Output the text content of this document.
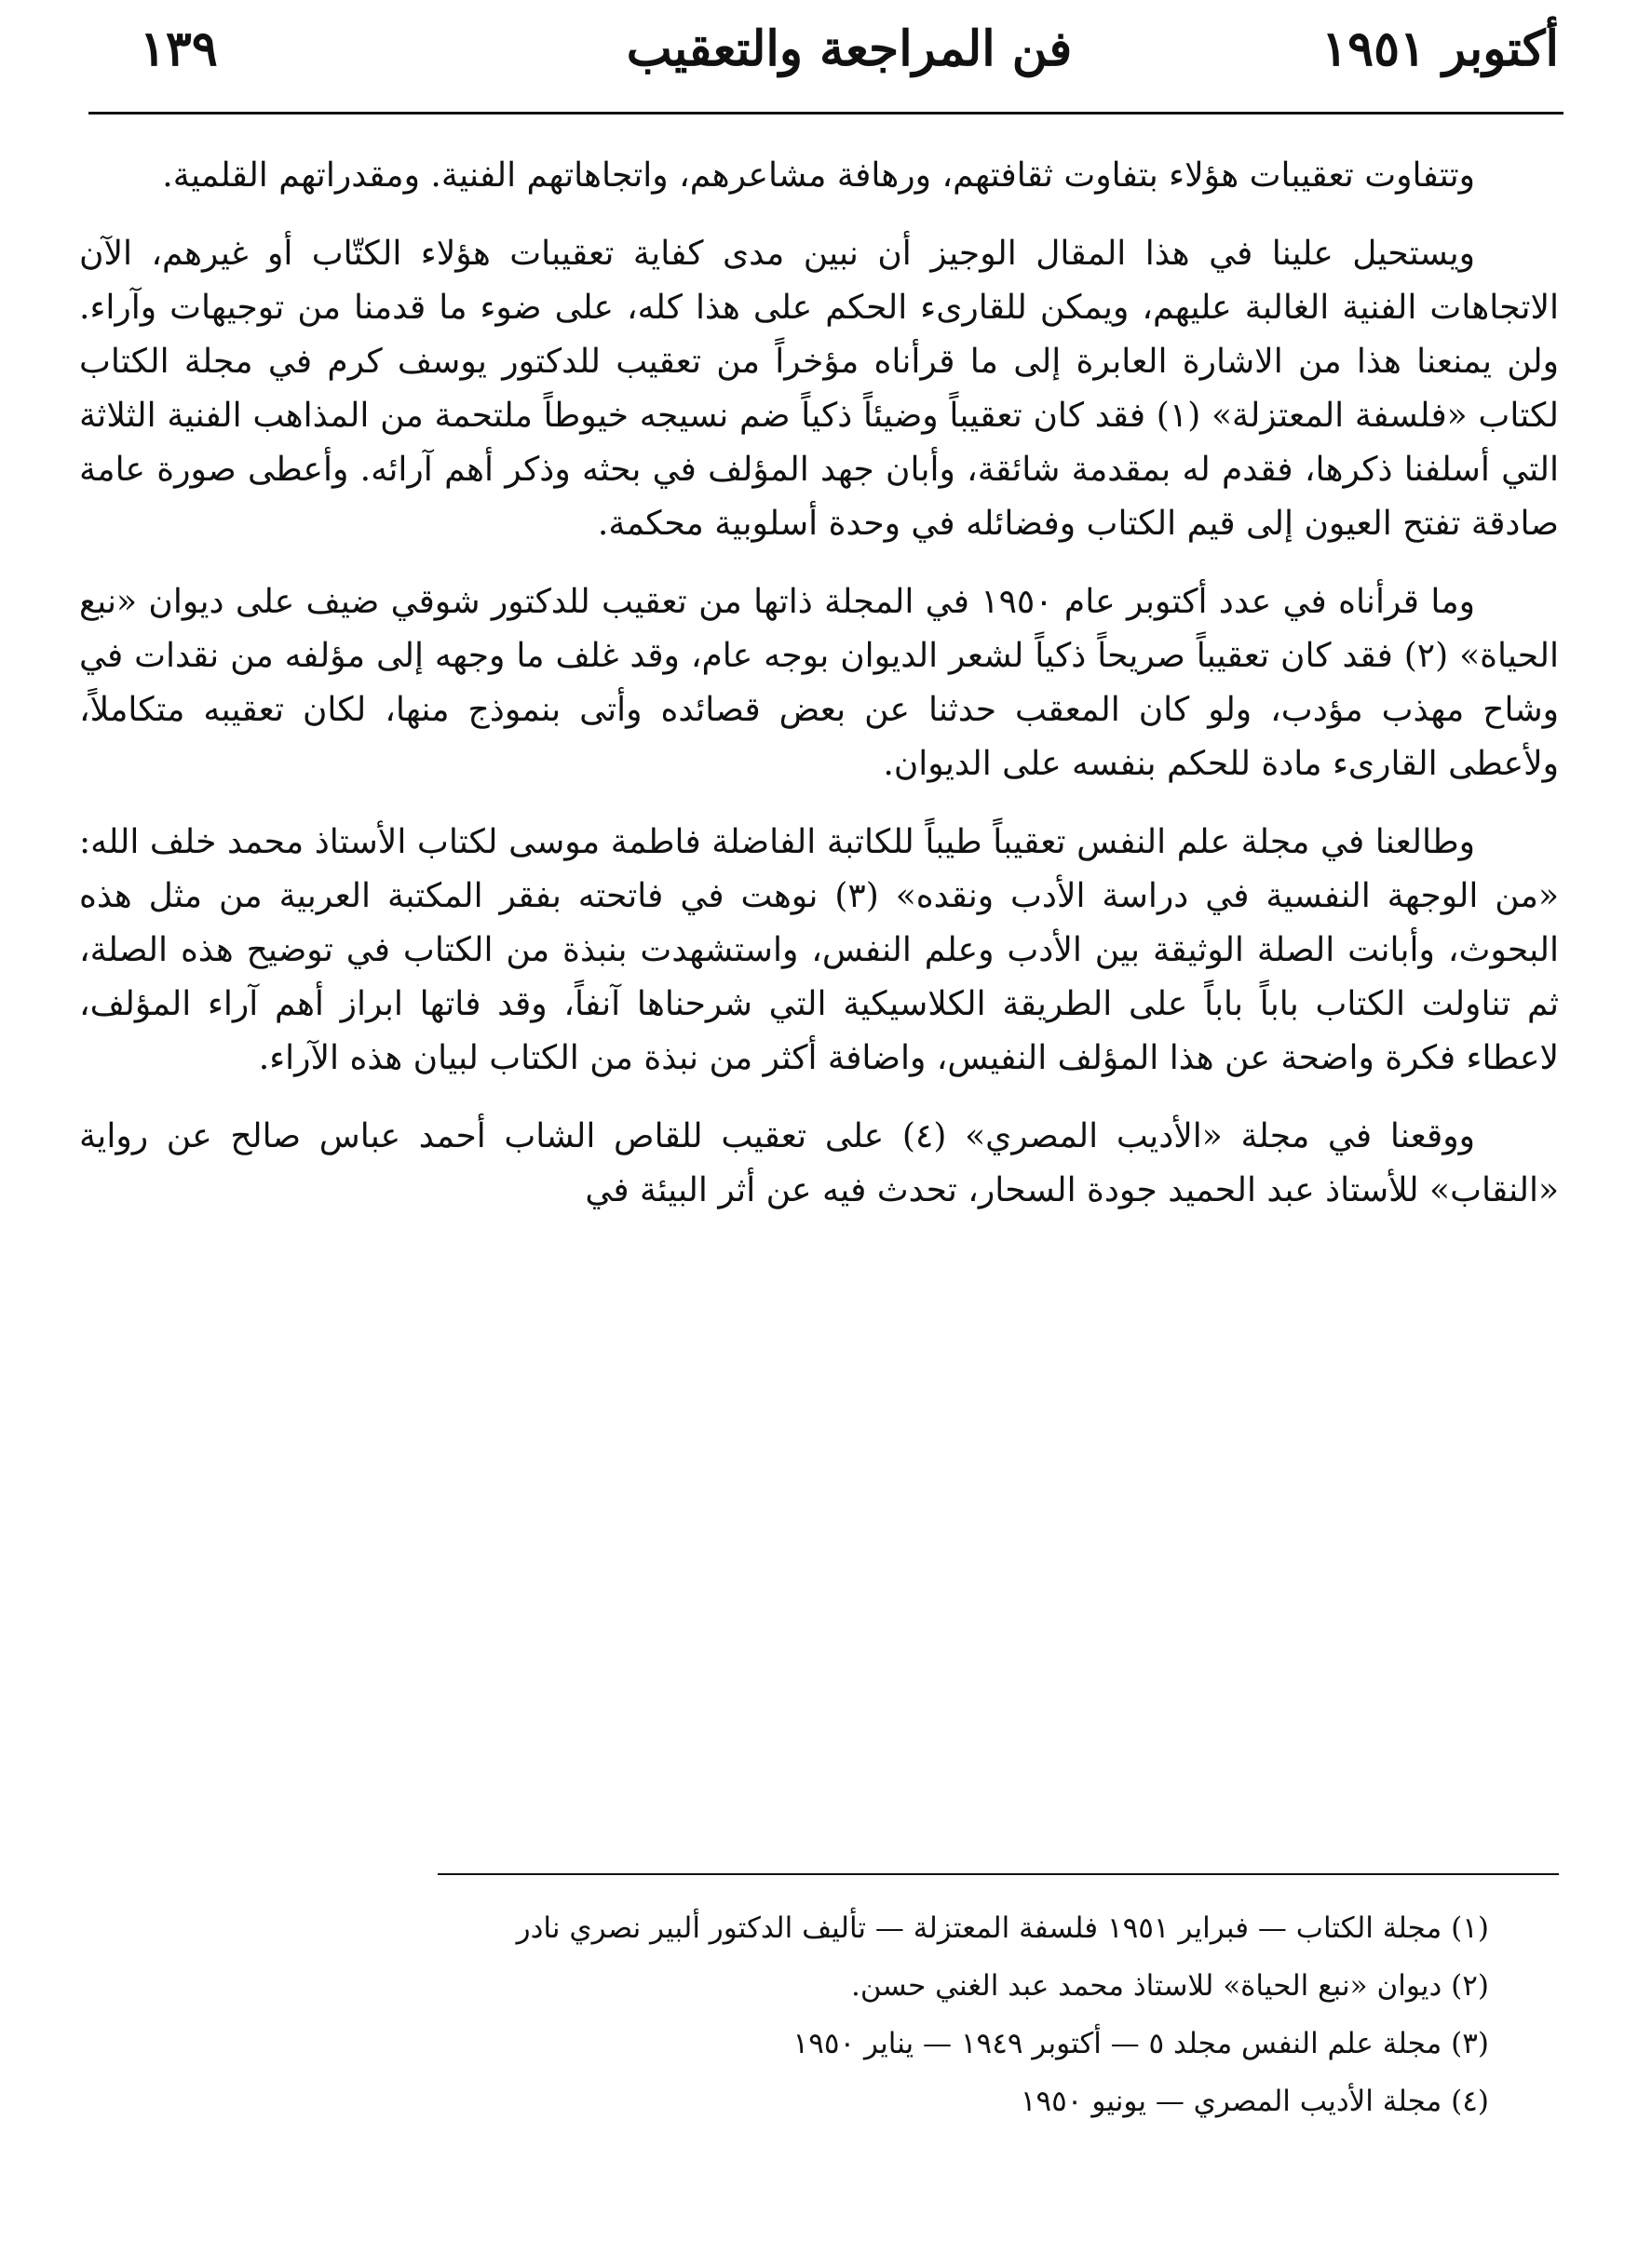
أكتوبر ١٩٥١
فن المراجعة والتعقيب
١٣٩

وتتفاوت تعقيبات هؤلاء بتفاوت ثقافتهم، ورهافة مشاعرهم، واتجاهاتهم الفنية. ومقدراتهم القلمية.

ويستحيل علينا في هذا المقال الوجيز أن نبين مدى كفاية تعقيبات هؤلاء الكتّاب أو غيرهم، الآن الاتجاهات الفنية الغالبة عليهم، ويمكن للقارىء الحكم على هذا كله، على ضوء ما قدمنا من توجيهات وآراء. ولن يمنعنا هذا من الاشارة العابرة إلى ما قرأناه مؤخراً من تعقيب للدكتور يوسف كرم في مجلة الكتاب لكتاب «فلسفة المعتزلة» (١) فقد كان تعقيباً وضيئاً ذكياً ضم نسيجه خيوطاً ملتحمة من المذاهب الفنية الثلاثة التي أسلفنا ذكرها، فقدم له بمقدمة شائقة، وأبان جهد المؤلف في بحثه وذكر أهم آرائه. وأعطى صورة عامة صادقة تفتح العيون إلى قيم الكتاب وفضائله في وحدة أسلوبية محكمة.

وما قرأناه في عدد أكتوبر عام ١٩٥٠ في المجلة ذاتها من تعقيب للدكتور شوقي ضيف على ديوان «نبع الحياة» (٢) فقد كان تعقيباً صريحاً ذكياً لشعر الديوان بوجه عام، وقد غلف ما وجهه إلى مؤلفه من نقدات في وشاح مهذب مؤدب، ولو كان المعقب حدثنا عن بعض قصائده وأتى بنموذج منها، لكان تعقيبه متكاملاً، ولأعطى القارىء مادة للحكم بنفسه على الديوان.

وطالعنا في مجلة علم النفس تعقيباً طيباً للكاتبة الفاضلة فاطمة موسى لكتاب الأستاذ محمد خلف الله: «من الوجهة النفسية في دراسة الأدب ونقده» (٣) نوهت في فاتحته بفقر المكتبة العربية من مثل هذه البحوث، وأبانت الصلة الوثيقة بين الأدب وعلم النفس، واستشهدت بنبذة من الكتاب في توضيح هذه الصلة، ثم تناولت الكتاب باباً باباً على الطريقة الكلاسيكية التي شرحناها آنفاً، وقد فاتها ابراز أهم آراء المؤلف، لاعطاء فكرة واضحة عن هذا المؤلف النفيس، واضافة أكثر من نبذة من الكتاب لبيان هذه الآراء.

ووقعنا في مجلة «الأديب المصري» (٤) على تعقيب للقاص الشاب أحمد عباس صالح عن رواية «النقاب» للأستاذ عبد الحميد جودة السحار، تحدث فيه عن أثر البيئة في

(١) مجلة الكتاب — فبراير ١٩٥١ فلسفة المعتزلة — تأليف الدكتور ألبير نصري نادر
(٢) ديوان «نبع الحياة» للاستاذ محمد عبد الغني حسن.
(٣) مجلة علم النفس مجلد ٥ — أكتوبر ١٩٤٩ — يناير ١٩٥٠
(٤) مجلة الأديب المصري — يونيو ١٩٥٠
